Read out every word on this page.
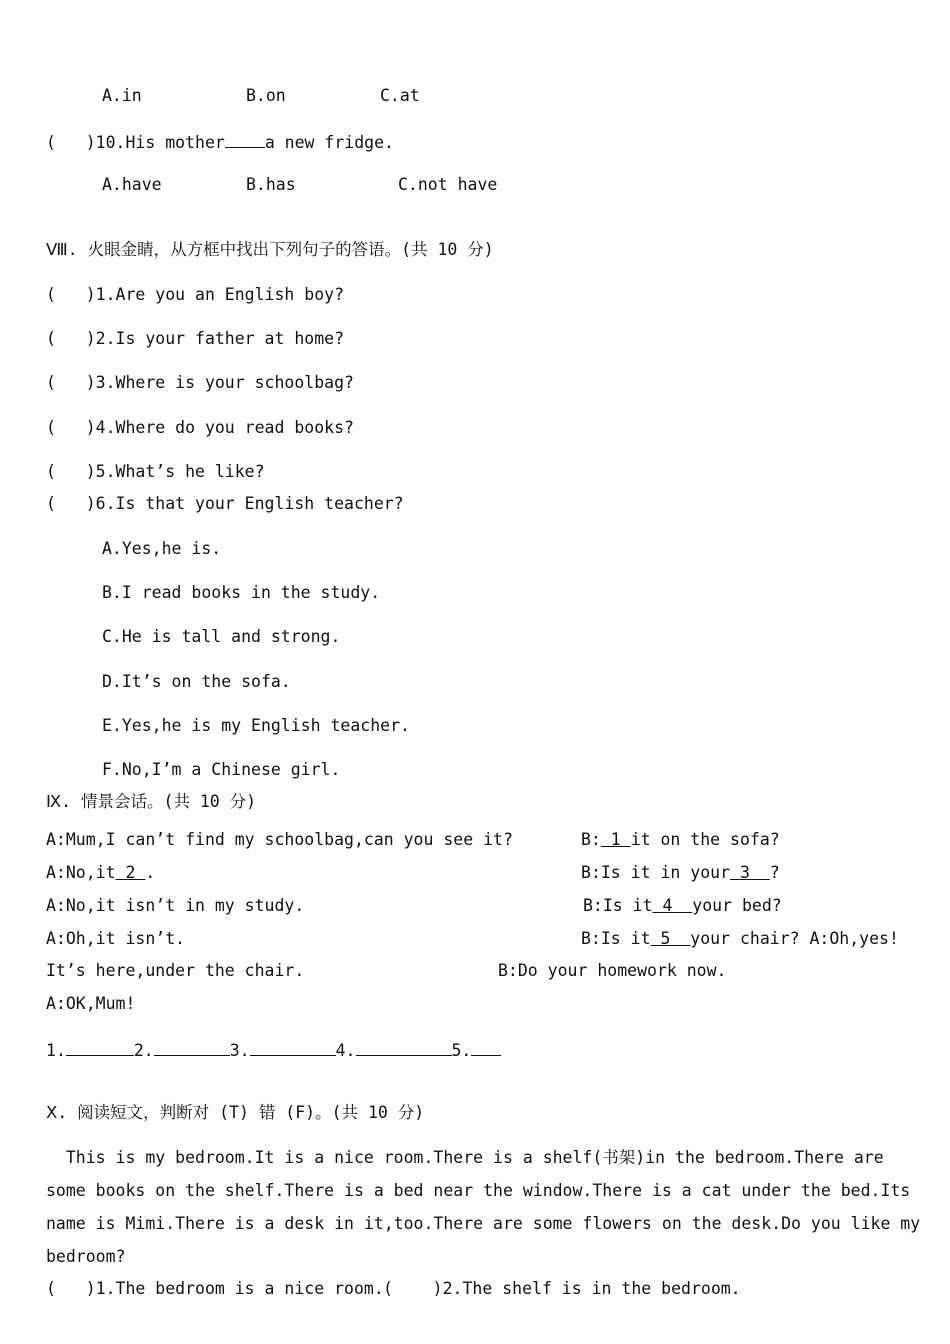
A.in	B.on	C.at
(   )10.His mother a new fridge.
A.have	B.has	C.not have
Ⅷ. 火眼金睛，从方框中找出下列句子的答语。(共 10 分)
(   )1.Are you an English boy?
(   )2.Is your father at home?
(   )3.Where is your schoolbag?
(   )4.Where do you read books?
(   )5.What’s he like?
(   )6.Is that your English teacher?
A.Yes,he is.
B.I read books in the study.
C.He is tall and strong.
D.It’s on the sofa.
E.Yes,he is my English teacher.
F.No,I’m a Chinese girl.
Ⅸ. 情景会话。(共 10 分)
A:Mum,I can’t find my schoolbag,can you see it?	B: 1 it on the sofa?
A:No,it 2 .	B:Is it in your 3  ?
A:No,it isn’t in my study.	B:Is it 4  your bed?
A:Oh,it isn’t.	B:Is it 5  your chair? A:Oh,yes!
It’s here,under the chair.	B:Do your homework now.
A:OK,Mum!
1.	2.	3.	4.	5.
Ⅹ. 阅读短文，判断对 (T) 错 (F)。(共 10 分)
This is my bedroom.It is a nice room.There is a shelf(书架)in the bedroom.There are
some books on the shelf.There is a bed near the window.There is a cat under the bed.Its
name is Mimi.There is a desk in it,too.There are some flowers on the desk.Do you like my
bedroom?
(   )1.The bedroom is a nice room. (    )2.The shelf is in the bedroom.
